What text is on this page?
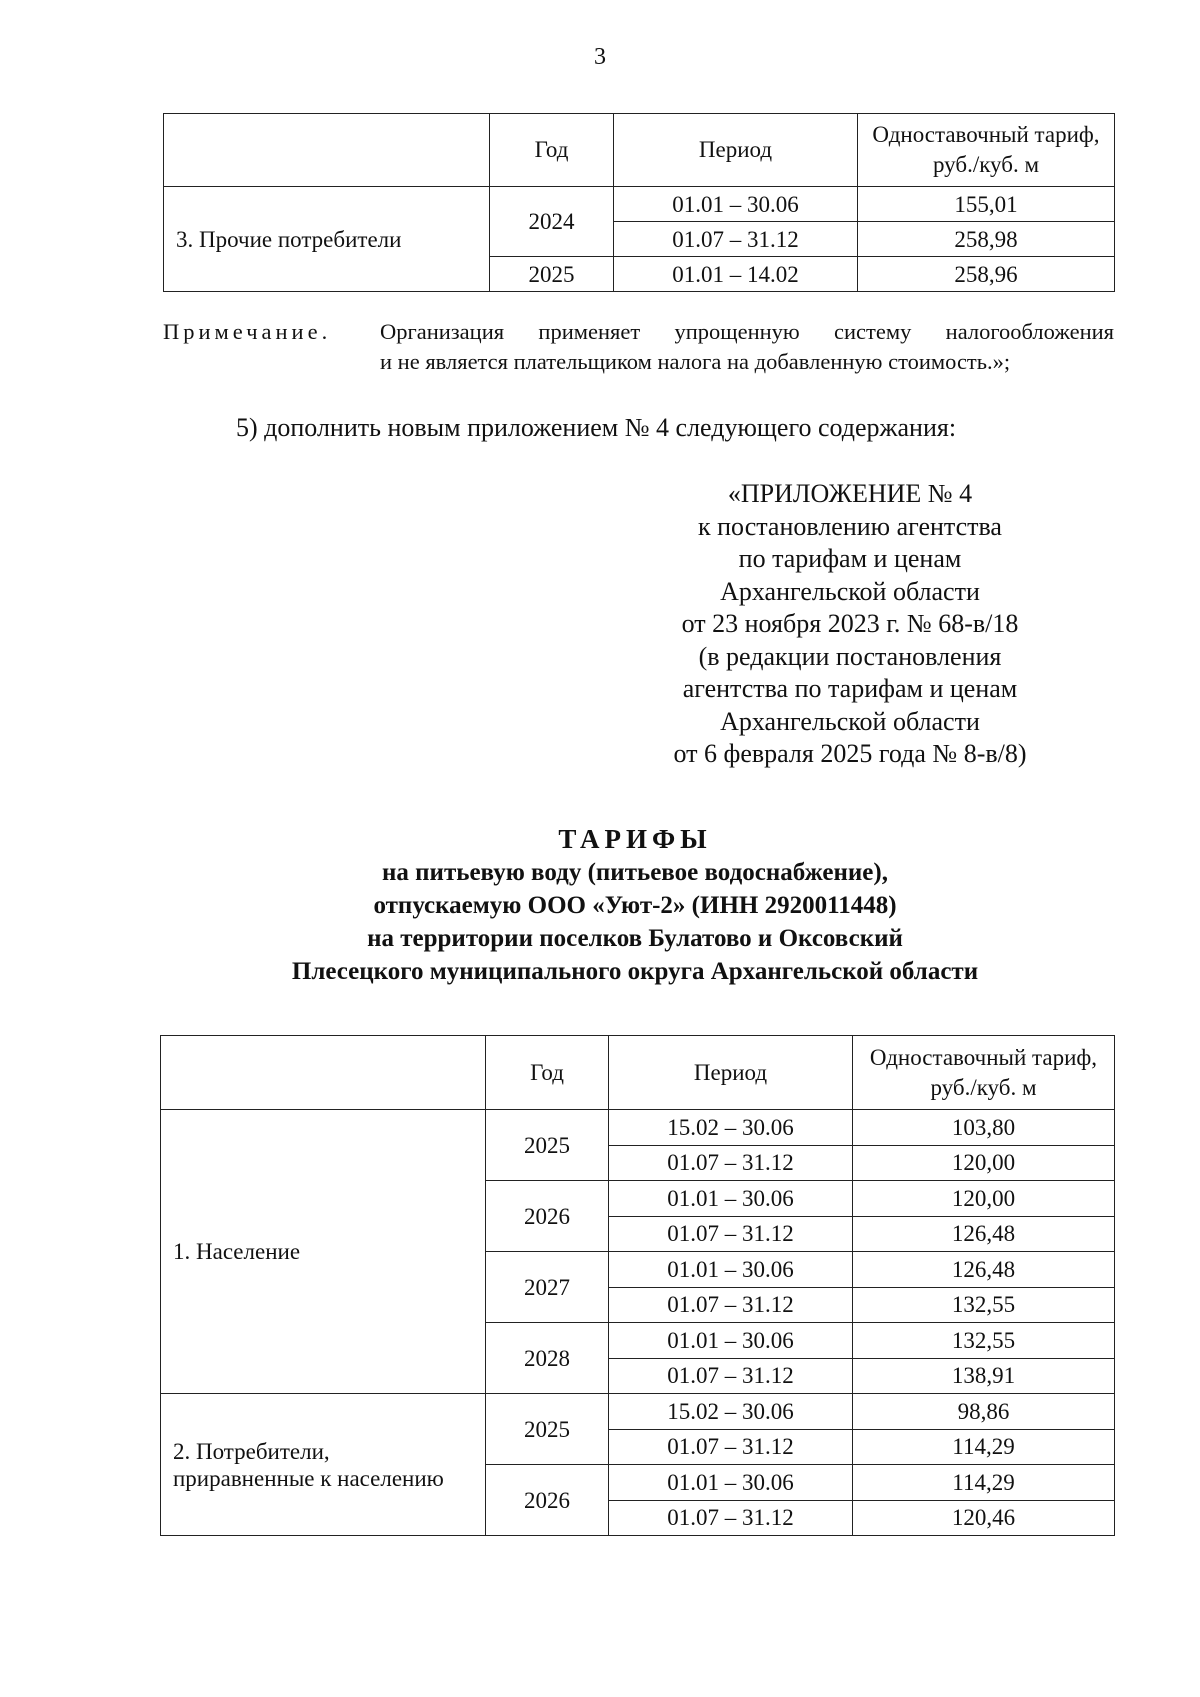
3
	Год	Период	Одноставочный тариф,
руб./куб. м

3. Прочие потребители	2024	01.01 – 30.06	155,01
		01.07 – 31.12	258,98
	2025	01.01 – 14.02	258,96
Примечание. Организация применяет упрощенную систему налогообложения
и не является плательщиком налога на добавленную стоимость.»;
5) дополнить новым приложением № 4 следующего содержания:
«ПРИЛОЖЕНИЕ № 4
к постановлению агентства
по тарифам и ценам
Архангельской области
от 23 ноября 2023 г. № 68-в/18
(в редакции постановления
агентства по тарифам и ценам
Архангельской области
от 6 февраля 2025 года № 8-в/8)
ТАРИФЫ
на питьевую воду (питьевое водоснабжение),
отпускаемую ООО «Уют-2» (ИНН 2920011448)
на территории поселков Булатово и Оксовский
Плесецкого муниципального округа Архангельской области
	Год	Период	Одноставочный тариф,
руб./куб. м

1. Население	2025	15.02 – 30.06	103,80
		01.07 – 31.12	120,00
	2026	01.01 – 30.06	120,00
		01.07 – 31.12	126,48
	2027	01.01 – 30.06	126,48
		01.07 – 31.12	132,55
	2028	01.01 – 30.06	132,55
		01.07 – 31.12	138,91

2. Потребители,
приравненные к населению	2025	15.02 – 30.06	98,86
		01.07 – 31.12	114,29
	2026	01.01 – 30.06	114,29
		01.07 – 31.12	120,46
